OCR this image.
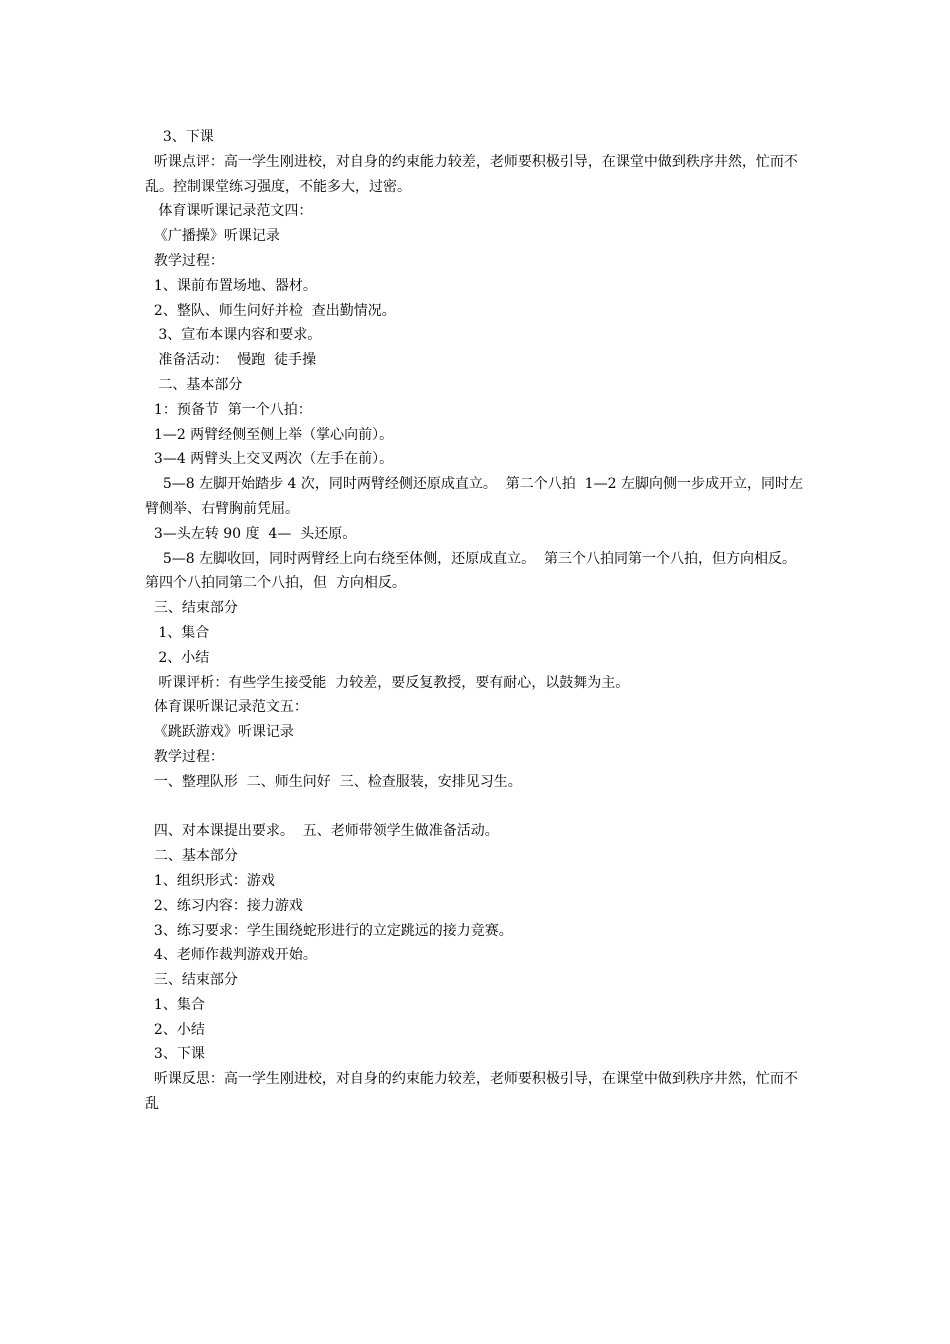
3、下课

听课点评：高一学生刚进校，对自身的约束能力较差，老师要积极引导，在课堂中做到秩序井然，忙而不乱。控制课堂练习强度，不能多大，过密。

体育课听课记录范文四：

《广播操》听课记录

教学过程：

1、课前布置场地、器材。

2、整队、师生问好并检  查出勤情况。

3、宣布本课内容和要求。

准备活动：  慢跑  徒手操

二、基本部分

1：预备节  第一个八拍：

1—2 两臂经侧至侧上举（掌心向前）。

3—4 两臂头上交叉两次（左手在前）。

5—8 左脚开始踏步 4 次，同时两臂经侧还原成直立。  第二个八拍  1—2 左脚向侧一步成开立，同时左臂侧举、右臂胸前凭屈。

3—头左转 90 度  4—  头还原。

5—8 左脚收回，同时两臂经上向右绕至体侧，还原成直立。  第三个八拍同第一个八拍，但方向相反。  第四个八拍同第二个八拍，但  方向相反。

三、结束部分

1、集合

2、小结

听课评析：有些学生接受能  力较差，要反复教授，要有耐心，以鼓舞为主。

体育课听课记录范文五：

《跳跃游戏》听课记录

教学过程：

一、整理队形  二、师生问好  三、检查服装，安排见习生。

四、对本课提出要求。  五、老师带领学生做准备活动。

二、基本部分

1、组织形式：游戏

2、练习内容：接力游戏

3、练习要求：学生围绕蛇形进行的立定跳远的接力竞赛。

4、老师作裁判游戏开始。

三、结束部分

1、集合

2、小结

3、下课

听课反思：高一学生刚进校，对自身的约束能力较差，老师要积极引导，在课堂中做到秩序井然，忙而不乱
